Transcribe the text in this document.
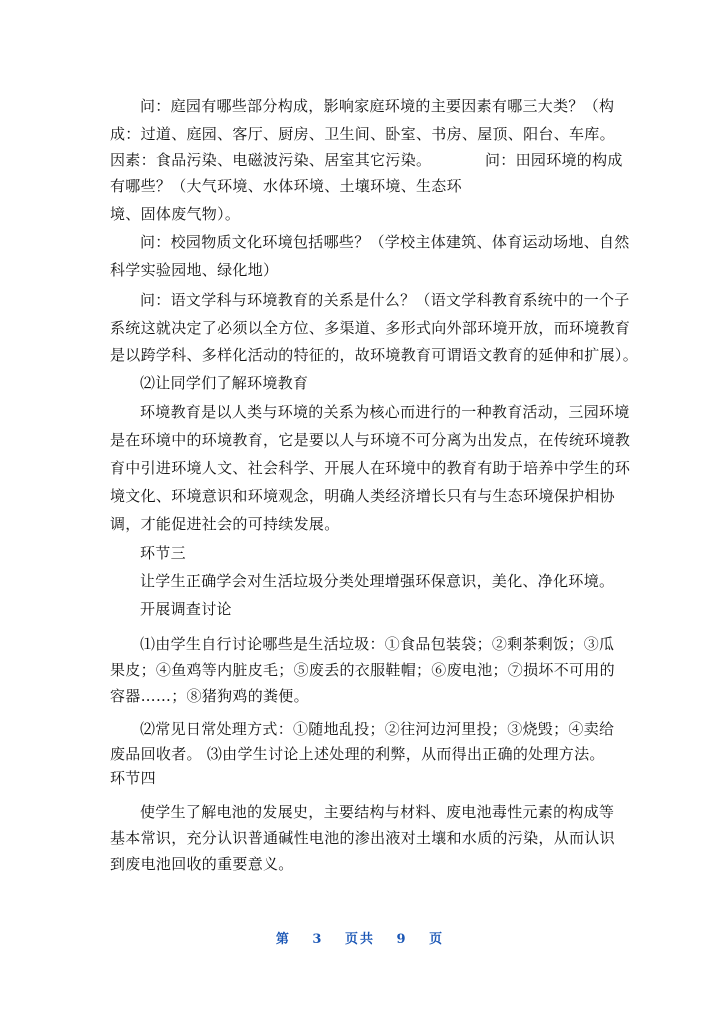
问：庭园有哪些部分构成，影响家庭环境的主要因素有哪三大类？（构
成：过道、庭园、客厅、厨房、卫生间、卧室、书房、屋顶、阳台、车库。
因素：食品污染、电磁波污染、居室其它污染。　　　　问：田园环境的构成
有哪些？（大气环境、水体环境、土壤环境、生态环
境、固体废气物）。
问：校园物质文化环境包括哪些？（学校主体建筑、体育运动场地、自然
科学实验园地、绿化地）
问：语文学科与环境教育的关系是什么？（语文学科教育系统中的一个子
系统这就决定了必须以全方位、多渠道、多形式向外部环境开放，而环境教育
是以跨学科、多样化活动的特征的，故环境教育可谓语文教育的延伸和扩展）。
⑵让同学们了解环境教育
环境教育是以人类与环境的关系为核心而进行的一种教育活动，三园环境
是在环境中的环境教育，它是要以人与环境不可分离为出发点，在传统环境教
育中引进环境人文、社会科学、开展人在环境中的教育有助于培养中学生的环
境文化、环境意识和环境观念，明确人类经济增长只有与生态环境保护相协
调，才能促进社会的可持续发展。
环节三
让学生正确学会对生活垃圾分类处理增强环保意识，美化、净化环境。
开展调查讨论
⑴由学生自行讨论哪些是生活垃圾：①食品包装袋；②剩茶剩饭；③瓜
果皮；④鱼鸡等内脏皮毛；⑤废丢的衣服鞋帽；⑥废电池；⑦损坏不可用的
容器……；⑧猪狗鸡的粪便。
⑵常见日常处理方式：①随地乱投；②往河边河里投；③烧毁；④卖给
废品回收者。 ⑶由学生讨论上述处理的利弊，从而得出正确的处理方法。
环节四
使学生了解电池的发展史，主要结构与材料、废电池毒性元素的构成等
基本常识，充分认识普通碱性电池的渗出液对土壤和水质的污染，从而认识
到废电池回收的重要意义。
第　 3　 页共　 9　 页
